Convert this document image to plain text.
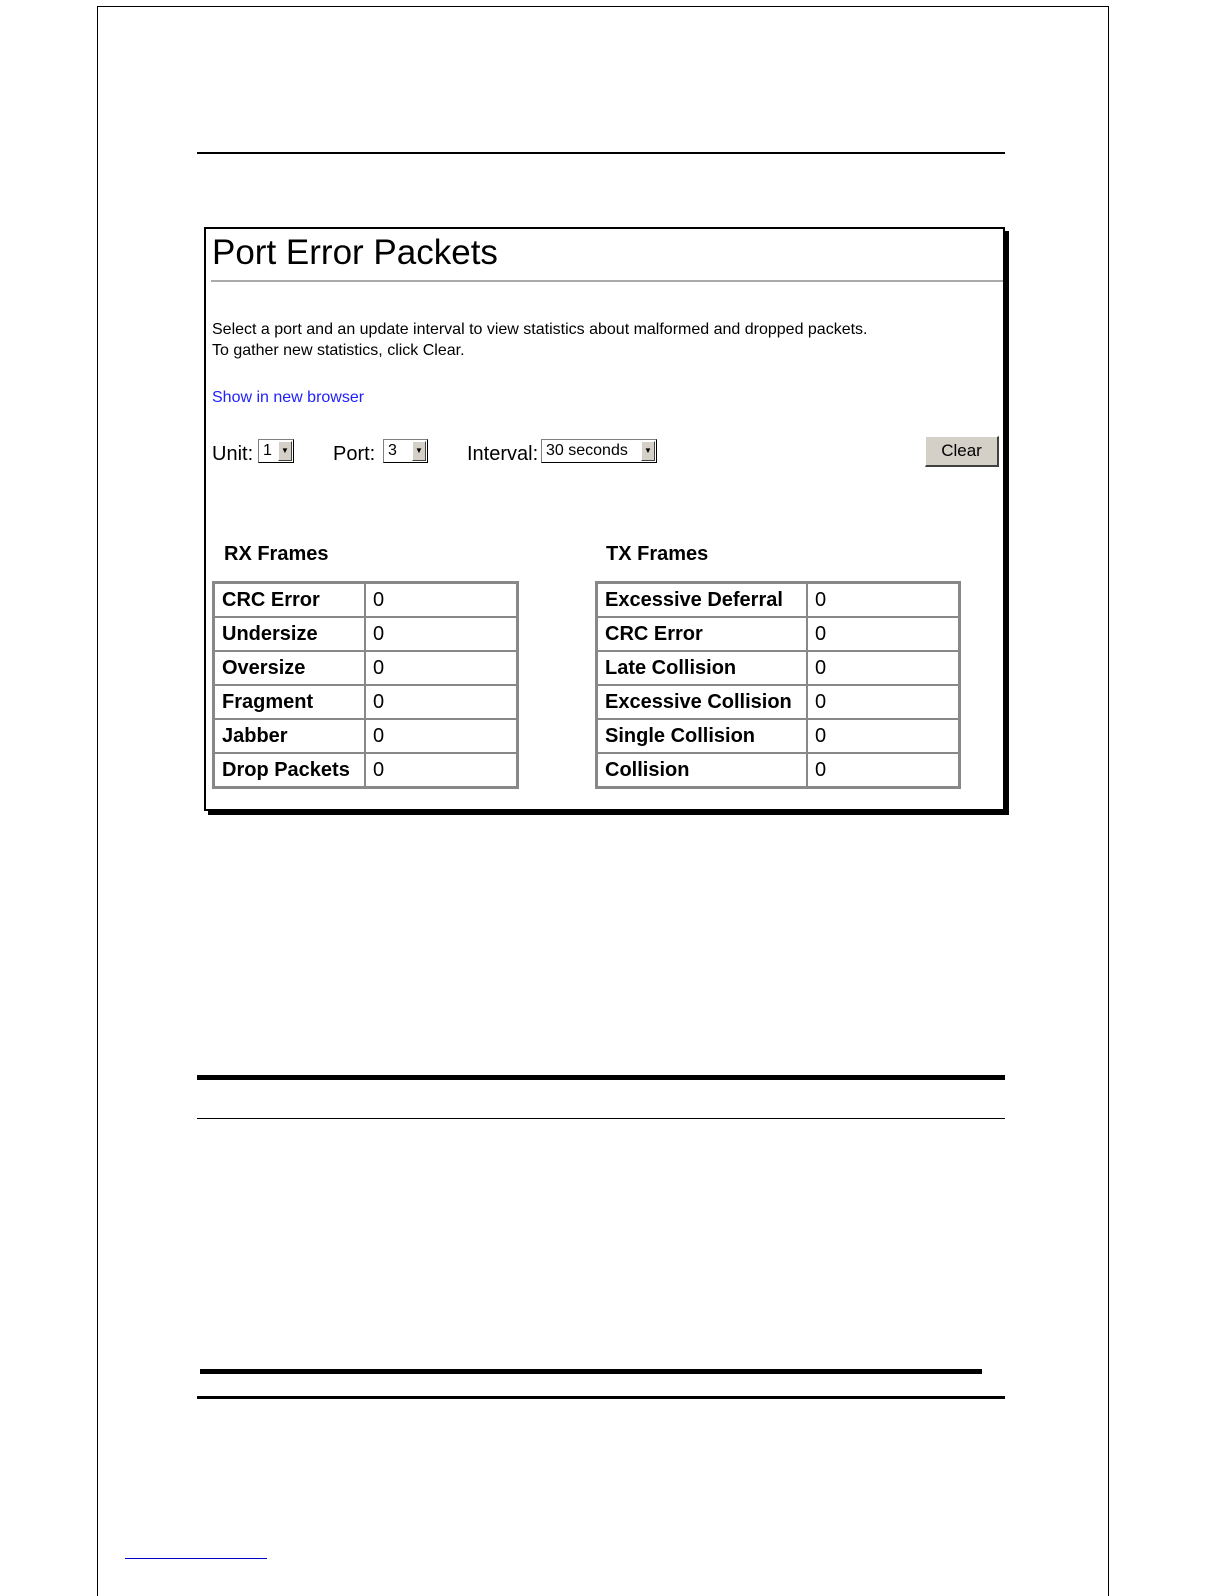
Port Error Packets
Select a port and an update interval to view statistics about malformed and dropped packets.
To gather new statistics, click Clear.
Show in new browser
Unit: 1	▼ Port: 3	▼ Interval: 30 seconds	▼	Clear
RX Frames
CRC Error	0
Undersize	0
Oversize	0
Fragment	0
Jabber	0
Drop Packets	0
TX Frames
Excessive Deferral	0
CRC Error	0
Late Collision	0
Excessive Collision	0
Single Collision	0
Collision	0
